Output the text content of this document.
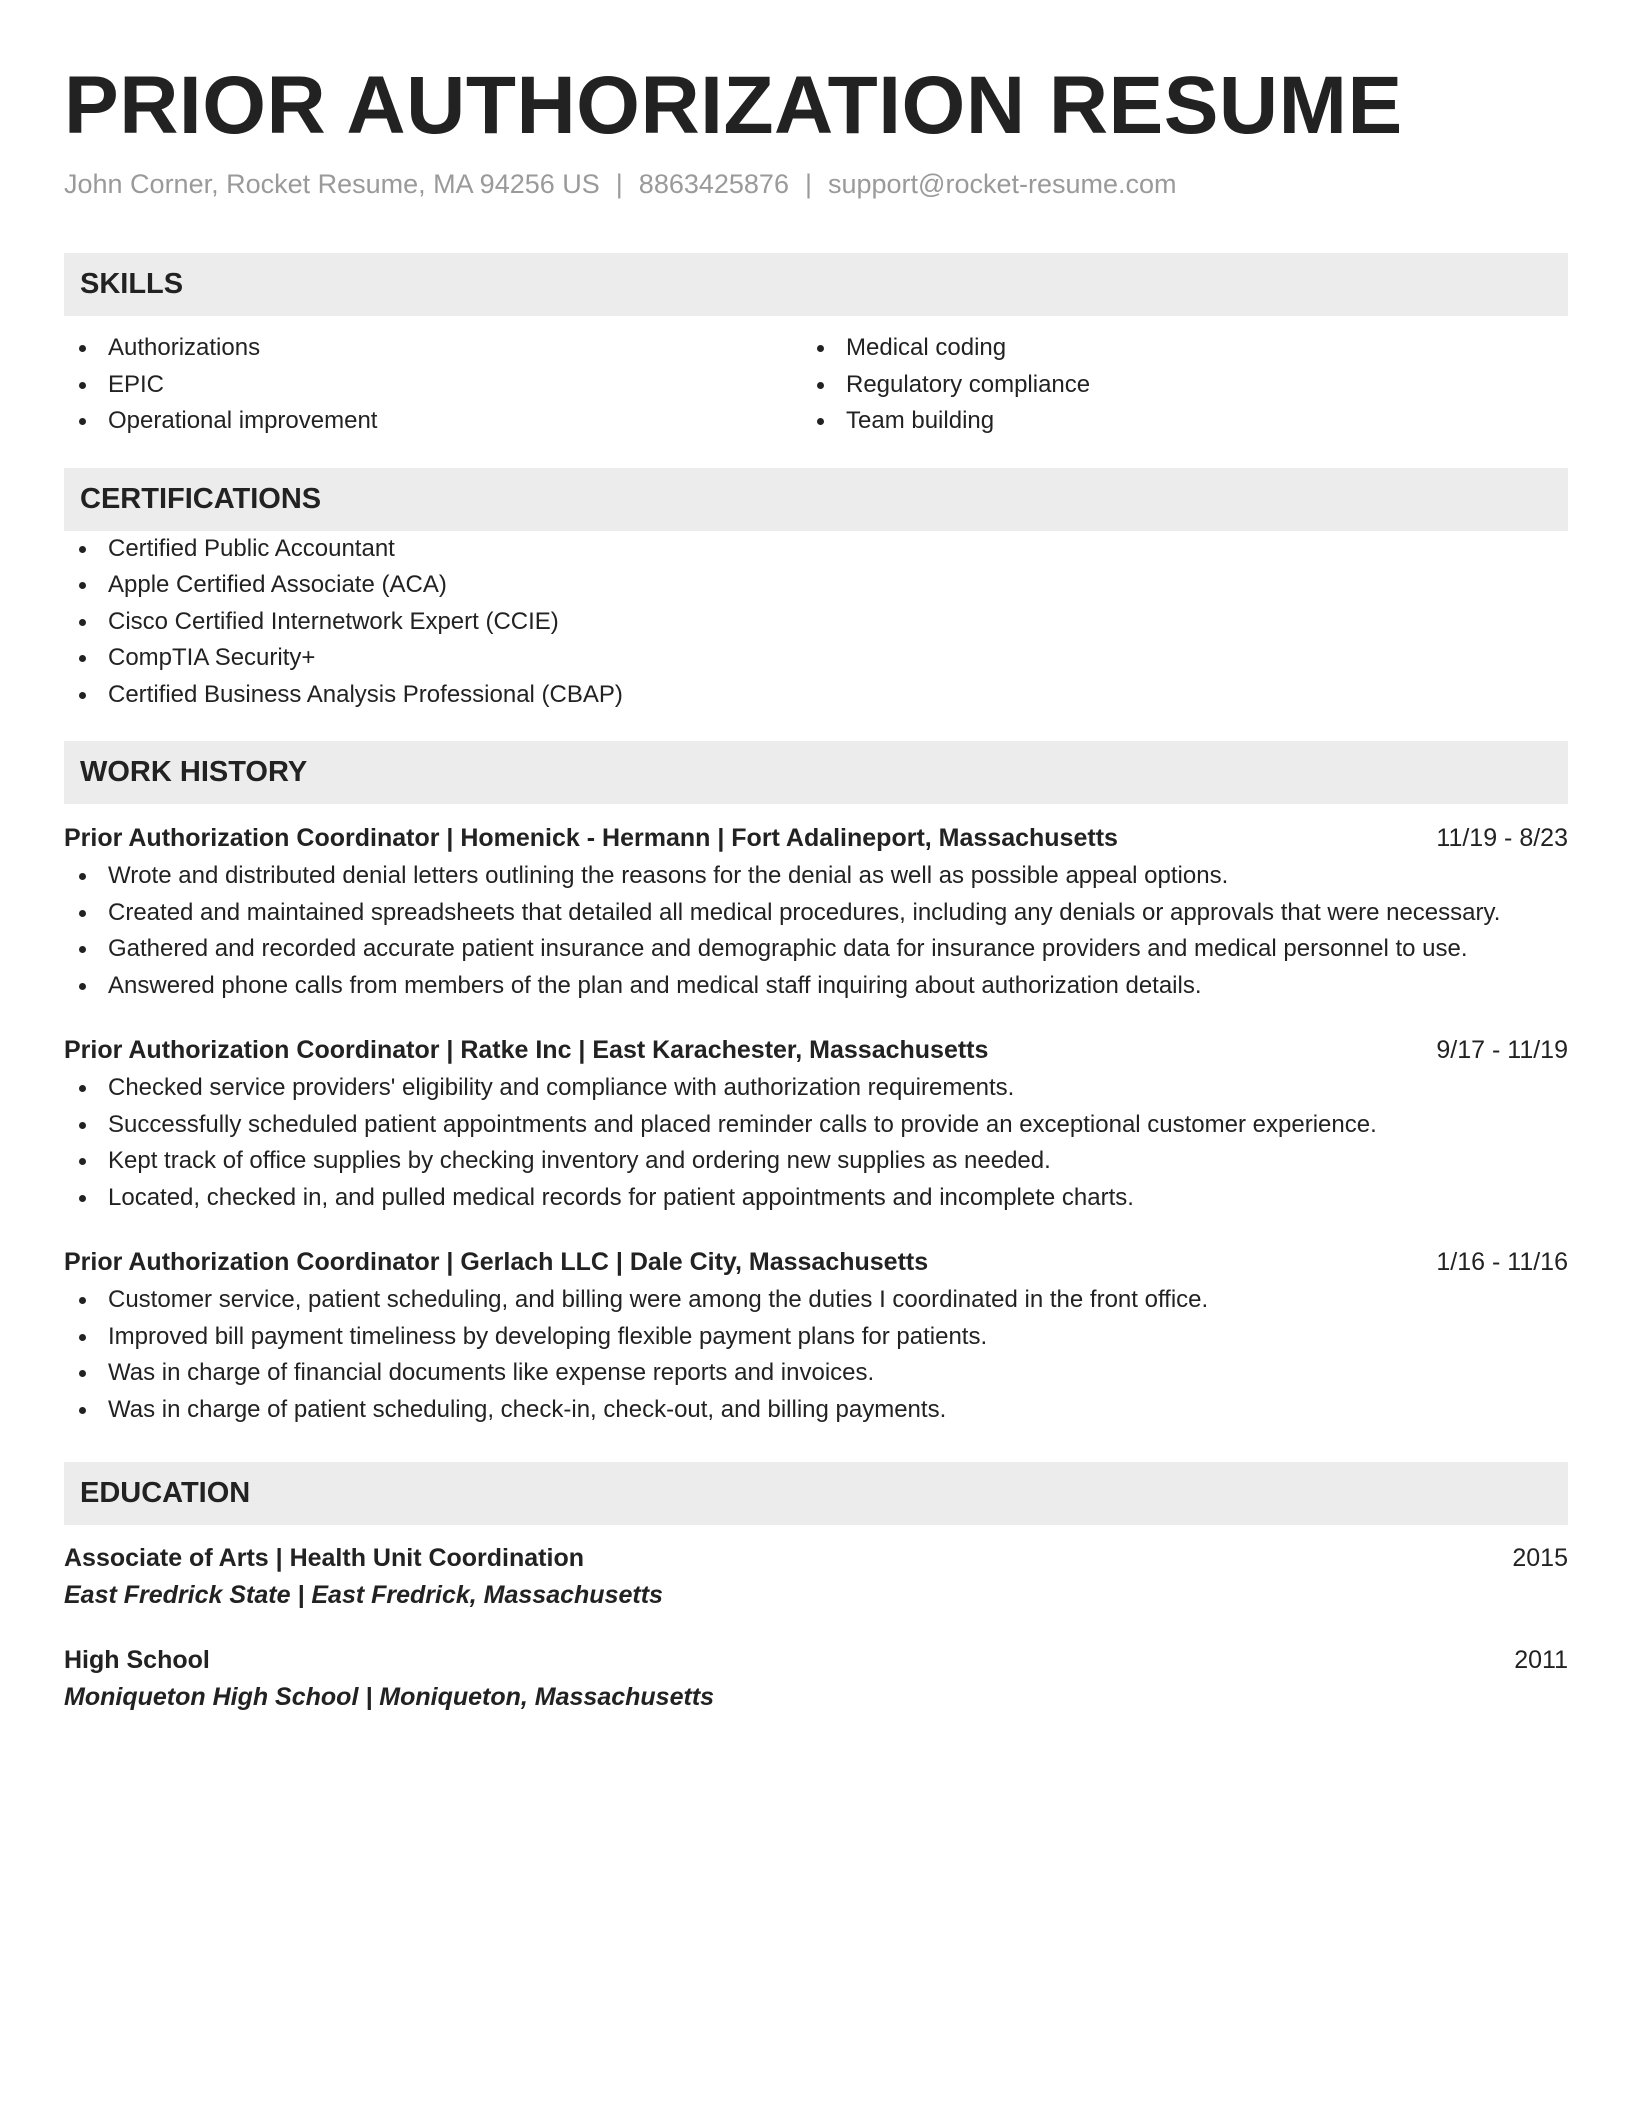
PRIOR AUTHORIZATION RESUME
John Corner, Rocket Resume, MA 94256 US | 8863425876 | support@rocket-resume.com
SKILLS
Authorizations
EPIC
Operational improvement
Medical coding
Regulatory compliance
Team building
CERTIFICATIONS
Certified Public Accountant
Apple Certified Associate (ACA)
Cisco Certified Internetwork Expert (CCIE)
CompTIA Security+
Certified Business Analysis Professional (CBAP)
WORK HISTORY
Prior Authorization Coordinator | Homenick - Hermann | Fort Adalineport, Massachusetts	11/19 - 8/23
Wrote and distributed denial letters outlining the reasons for the denial as well as possible appeal options.
Created and maintained spreadsheets that detailed all medical procedures, including any denials or approvals that were necessary.
Gathered and recorded accurate patient insurance and demographic data for insurance providers and medical personnel to use.
Answered phone calls from members of the plan and medical staff inquiring about authorization details.
Prior Authorization Coordinator | Ratke Inc | East Karachester, Massachusetts	9/17 - 11/19
Checked service providers' eligibility and compliance with authorization requirements.
Successfully scheduled patient appointments and placed reminder calls to provide an exceptional customer experience.
Kept track of office supplies by checking inventory and ordering new supplies as needed.
Located, checked in, and pulled medical records for patient appointments and incomplete charts.
Prior Authorization Coordinator | Gerlach LLC | Dale City, Massachusetts	1/16 - 11/16
Customer service, patient scheduling, and billing were among the duties I coordinated in the front office.
Improved bill payment timeliness by developing flexible payment plans for patients.
Was in charge of financial documents like expense reports and invoices.
Was in charge of patient scheduling, check-in, check-out, and billing payments.
EDUCATION
Associate of Arts | Health Unit Coordination	2015
East Fredrick State | East Fredrick, Massachusetts
High School	2011
Moniqueton High School | Moniqueton, Massachusetts
